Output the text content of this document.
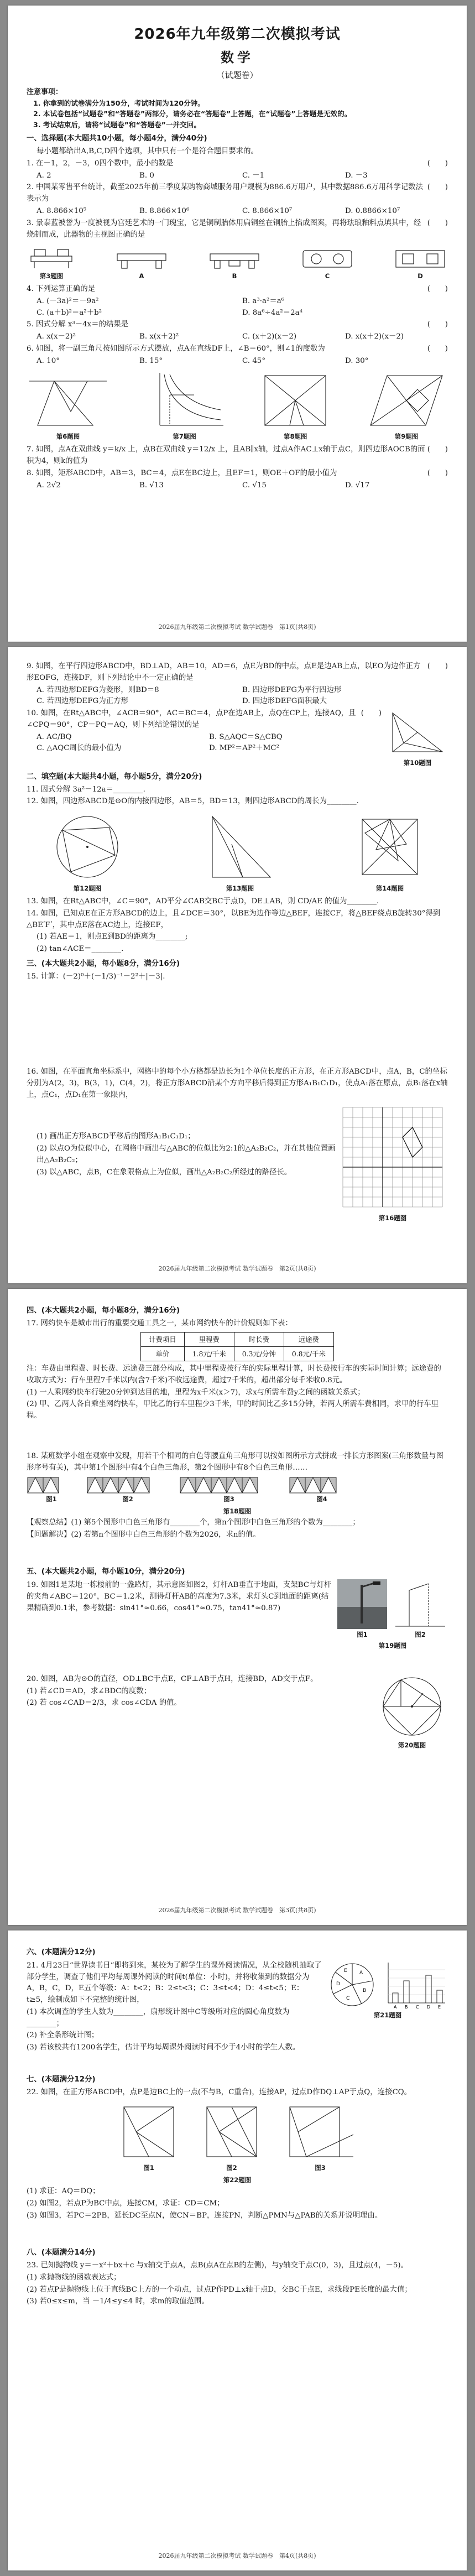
2026年九年级第二次模拟考试
数学
（试题卷）
注意事项：

1. 你拿到的试卷满分为150分，考试时间为120分钟。

2. 本试卷包括“试题卷”和“答题卷”两部分，请务必在“答题卷”上答题，在“试题卷”上答题是无效的。

3. 考试结束后，请将“试题卷”和“答题卷”一并交回。

一、选择题(本大题共10小题，每小题4分，满分40分)
每小题都给出A,B,C,D四个选项，其中只有一个是符合题目要求的。
1. 在－1，2，－3，0四个数中，最小的数是	(　　)
A. 2	B. 0	C. －1	D. －3
2. 中国某零售平台统计，截至2025年前三季度某购物商城服务用户规模为886.6万用户，其中数据886.6万用科学记数法表示为
(　　)
A. 8.866×10⁵	B. 8.866×10⁶	C. 8.866×10⁷	D. 0.8866×10⁷
3. 景泰蓝被誉为一度被视为宫廷艺术的一门瑰宝，它是铜制胎体用扁铜丝在铜胎上掐成图案，再将珐琅釉料点填其中，经烧制而成，此器物的主视图正确的是
(　　)
第3题图	A	B	C	D
4. 下列运算正确的是	(　　)
A. (－3a)²＝－9a²	B. a³·a²＝a⁶
C. (a＋b)²＝a²＋b²	D. 8a⁶÷4a²＝2a⁴
5. 因式分解 x³－4x＝的结果是	(　　)
A. x(x－2)²	B. x(x＋2)²	C. (x＋2)(x－2)	D. x(x＋2)(x－2)
6. 如图，将一副三角尺按如图所示方式摆放，点A在直线DF上，∠B＝60°，则∠1的度数为	(　　)
A. 10°	B. 15°	C. 45°	D. 30°
第6题图	第7题图	第8题图	第9题图
7. 如图，点A在双曲线 y＝k/x 上，点B在双曲线 y＝12/x 上，且AB∥x轴，过点A作AC⊥x轴于点C，则四边形AOCB的面积为4，则k的值为
(　　)
8. 如图，矩形ABCD中，AB＝3，BC＝4，点E在BC边上，且EF＝1，则OE＋OF的最小值为	(　　)
A. 2√2	B. √13	C. √15	D. √17
2026届九年级第二次模拟考试 数学试题卷　第1页(共8页)
9. 如图，在平行四边形ABCD中，BD⊥AD，AB＝10，AD＝6，点E为BD的中点，点E是边AB上点，以EO为边作正方形EOFG，连接DF，则下列结论中不一定正确的是
(　　)
A. 若四边形DEFG为菱形，则BD＝8	B. 四边形DEFG为平行四边形
C. 若四边形DEFG为正方形	D. 四边形DEFG面积最大
10. 如图，在Rt△ABC中，∠ACB＝90°，AC＝BC＝4，点P在边AB上，点Q在CP上，连接AQ，且∠CPQ＝90°，CP－PQ＝AQ，则下列结论错误的是
(　　)
A. AC/BQ	B. S△AQC＝S△CBQ
C. △AQC周长的最小值为	D. MP²＝AP²＋MC²
第10题图
二、填空题(本大题共4小题，每小题5分，满分20分)
11. 因式分解 3a²－12a＝________.
12. 如图，四边形ABCD是⊙O的内接四边形，AB＝5，BD＝13，则四边形ABCD的周长为________.
第12题图	第13题图	第14题图
13. 如图，在Rt△ABC中，∠C＝90°，AD平分∠CAB交BC于点D，DE⊥AB，则 CD/AE 的值为________.
14. 如图，已知点E在正方形ABCD的边上，且∠DCE＝30°，以BE为边作等边△BEF，连接CF，将△BEF绕点B旋转30°得到△BEʹFʹ，其中点E落在AC边上，连接EF，
(1) 若AE＝1，则点E到BD的距离为________;
(2) tan∠ACE＝________.
三、(本大题共2小题，每小题8分，满分16分)
15. 计算：(－2)⁰＋(－1/3)⁻¹－2²＋|－3|.
16. 如图，在平面直角坐标系中，网格中的每个小方格都是边长为1个单位长度的正方形，在正方形ABCD中，点A，B，C的坐标分别为A(2，3)，B(3，1)，C(4，2)，将正方形ABCD沿某个方向平移后得到正方形A₁B₁C₁D₁，使点A₁落在原点，点B₁落在x轴上，点C₁，点D₁在第一象限内，
(1) 画出正方形ABCD平移后的图形A₁B₁C₁D₁；
(2) 以点O为位似中心，在网格中画出与△ABC的位似比为2:1的△A₂B₂C₂，并在其他位置画出△A₂B₂C₂；
(3) 以△ABC，点B，C在象限格点上为位似，画出△A₂B₂C₂所经过的路径长。
第16题图
2026届九年级第二次模拟考试 数学试题卷　第2页(共8页)
四、(本大题共2小题，每小题8分，满分16分)
17. 网约快车是城市出行的重要交通工具之一，某市网约快车的计价规则如下表：
计费项目	里程费	时长费	远途费
单价	1.8元/千米	0.3元/分钟	0.8元/千米
注：车费由里程费、时长费、远途费三部分构成，其中里程费按行车的实际里程计算，时长费按行车的实际时间计算；远途费的收取方式为：行车里程7千米以内(含7千米)不收远途费，超过7千米的，超出部分每千米收0.8元。
(1) 一人乘网约快车行驶20分钟到达目的地，里程为x千米(x＞7)，求x与所需车费y之间的函数关系式；
(2) 甲、乙两人各自乘坐网约快车，甲比乙的行车里程少3千米，甲的时间比乙多15分钟，若两人所需车费相同，求甲的行车里程。
18. 某班数学小组在观察中发现，用若干个相同的白色等腰直角三角形可以按如图所示方式拼成一排长方形图案(三角形数量与图形序号有关)，其中第1个图形中有4个白色三角形，第2个图形中有8个白色三角形……
图1	图2	图3	图4
第18题图
【观察总结】(1) 第5个图形中白色三角形有________个，第n个图形中白色三角形的个数为________；
【问题解决】(2) 若第n个图形中白色三角形的个数为2026，求n的值。
五、(本大题共2小题，每小题10分，满分20分)
19. 如图1是某地一栋楼前的一盏路灯，其示意图如图2，灯杆AB垂直于地面，支架BC与灯杆的夹角∠ABC＝120°，BC＝1.2米，测得灯杆AB的高度为7.3米，求灯头C到地面的距离(结果精确到0.1米，参考数据：sin41°≈0.66，cos41°≈0.75，tan41°≈0.87)
图1	图2
第19题图
20. 如图，AB为⊙O的直径，OD⊥BC于点E，CF⊥AB于点H，连接BD，AD交于点F。
(1) 若∠CD＝AD，求∠BDC的度数；
(2) 若 cos∠CAD＝2/3，求 cos∠CDA 的值。
第20题图
2026届九年级第二次模拟考试 数学试题卷　第3页(共8页)
六、(本题满分12分)
21. 4月23日“世界读书日”即将到来，某校为了解学生的课外阅读情况，从全校随机抽取了部分学生，调查了他们平均每周课外阅读的时间t(单位：小时)，并将收集到的数据分为A，B，C，D，E五个等级：A：t<2；B：2≤t<3；C：3≤t<4；D：4≤t<5；E：t≥5，绘制成如下不完整的统计图，
(1) 本次调查的学生人数为________，扇形统计图中C等级所对应的圆心角度数为________；
(2) 补全条形统计图；
(3) 若该校共有1200名学生，估计平均每周课外阅读时间不少于4小时的学生人数。
A
B
C
D
E
A B C D E
第21题图
七、(本题满分12分)
22. 如图，在正方形ABCD中，点P是边BC上的一点(不与B，C重合)，连接AP，过点D作DQ⊥AP于点Q，连接CQ。
图1	图2	图3
第22题图
(1) 求证：AQ＝DQ；
(2) 如图2，若点P为BC中点，连接CM，求证：CD＝CM；
(3) 如图3，若PC＝2PB，延长DC至点N，使CN＝BP，连接PN，判断△PMN与△PAB的关系并说明理由。
八、(本题满分14分)
23. 已知抛物线 y＝－x²＋bx＋c 与x轴交于点A，点B(点A在点B的左侧)，与y轴交于点C(0，3)，且过点(4，－5)。
(1) 求抛物线的函数表达式；
(2) 若点P是抛物线上位于直线BC上方的一个动点，过点P作PD⊥x轴于点D，交BC于点E，求线段PE长度的最大值；
(3) 若0≤x≤m，当 －1/4≤y≤4 时，求m的取值范围。
2026届九年级第二次模拟考试 数学试题卷　第4页(共8页)
